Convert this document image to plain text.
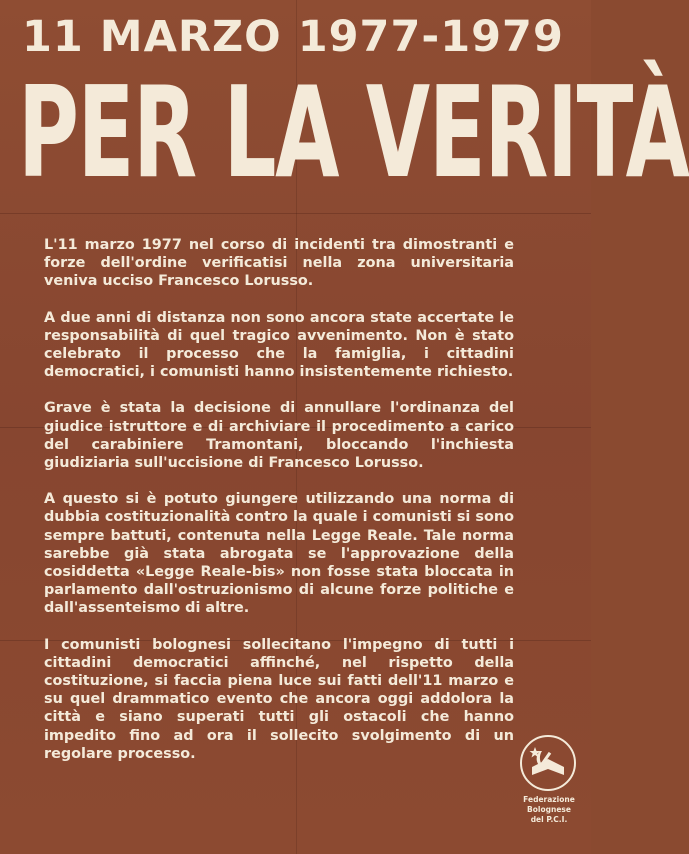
11 MARZO 1977-1979
PER LA VERITÀ

L'11 marzo 1977 nel corso di incidenti tra dimostranti e forze dell'ordine verificatisi nella zona universitaria veniva ucciso Francesco Lorusso.

A due anni di distanza non sono ancora state accertate le responsabilità di quel tragico avvenimento. Non è stato celebrato il processo che la famiglia, i cittadini democratici, i comunisti hanno insistentemente richiesto.

Grave è stata la decisione di annullare l'ordinanza del giudice istruttore e di archiviare il procedimento a carico del carabiniere Tramontani, bloccando l'inchiesta giudiziaria sull'uccisione di Francesco Lorusso.

A questo si è potuto giungere utilizzando una norma di dubbia costituzionalità contro la quale i comunisti si sono sempre battuti, contenuta nella Legge Reale. Tale norma sarebbe già stata abrogata se l'approvazione della cosiddetta «Legge Reale-bis» non fosse stata bloccata in parlamento dall'ostruzionismo di alcune forze politiche e dall'assenteismo di altre.

I comunisti bolognesi sollecitano l'impegno di tutti i cittadini democratici affinché, nel rispetto della costituzione, si faccia piena luce sui fatti dell'11 marzo e su quel drammatico evento che ancora oggi addolora la città e siano superati tutti gli ostacoli che hanno impedito fino ad ora il sollecito svolgimento di un regolare processo.

P.C.I.
Federazione
Bolognese
del P.C.I.
